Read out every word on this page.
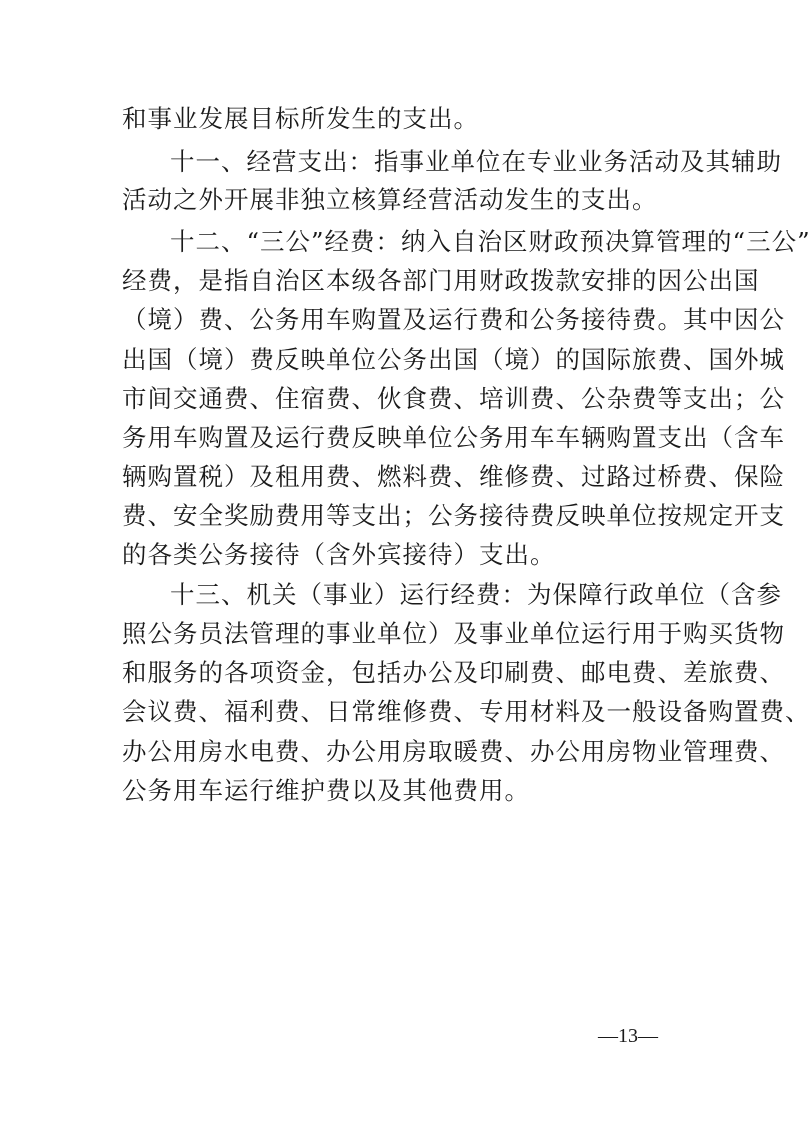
和事业发展目标所发生的支出。
十一、经营支出：指事业单位在专业业务活动及其辅助
活动之外开展非独立核算经营活动发生的支出。
十二、“三公”经费：纳入自治区财政预决算管理的“三公”
经费，是指自治区本级各部门用财政拨款安排的因公出国
（境）费、公务用车购置及运行费和公务接待费。其中因公
出国（境）费反映单位公务出国（境）的国际旅费、国外城
市间交通费、住宿费、伙食费、培训费、公杂费等支出；公
务用车购置及运行费反映单位公务用车车辆购置支出（含车
辆购置税）及租用费、燃料费、维修费、过路过桥费、保险
费、安全奖励费用等支出；公务接待费反映单位按规定开支
的各类公务接待（含外宾接待）支出。
十三、机关（事业）运行经费：为保障行政单位（含参
照公务员法管理的事业单位）及事业单位运行用于购买货物
和服务的各项资金，包括办公及印刷费、邮电费、差旅费、
会议费、福利费、日常维修费、专用材料及一般设备购置费、
办公用房水电费、办公用房取暖费、办公用房物业管理费、
公务用车运行维护费以及其他费用。
—13—
